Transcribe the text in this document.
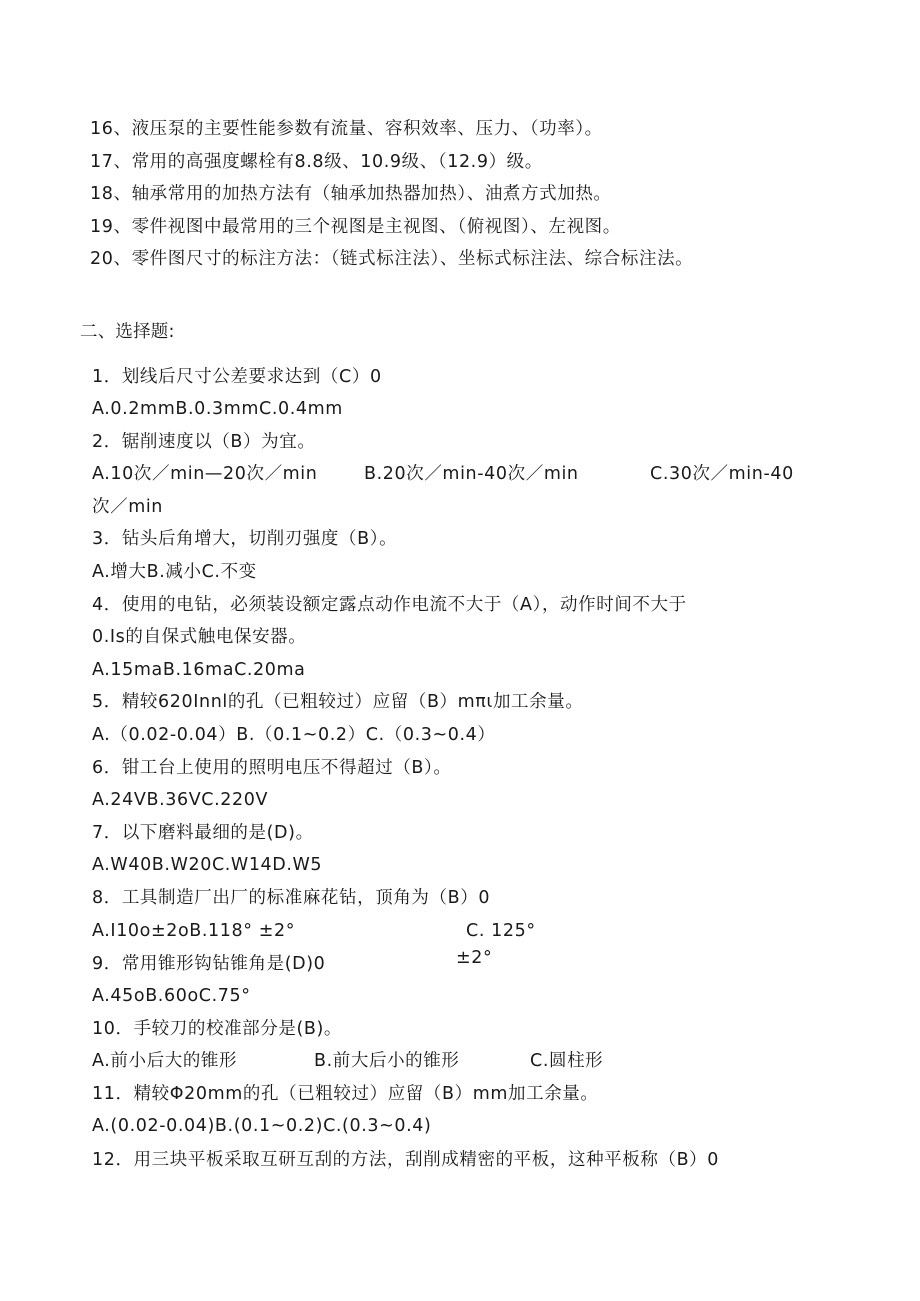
16、液压泵的主要性能参数有流量、容积效率、压力、（功率）。
17、常用的高强度螺栓有8.8级、10.9级、（12.9）级。
18、轴承常用的加热方法有（轴承加热器加热）、油煮方式加热。
19、零件视图中最常用的三个视图是主视图、（俯视图）、左视图。
20、零件图尺寸的标注方法：（链式标注法）、坐标式标注法、综合标注法。
二、选择题:
1．划线后尺寸公差要求达到（C）0
A.0.2mmB.0.3mmC.0.4mm
2．锯削速度以（B）为宜。
A.10次／min—20次／min	B.20次／min-40次／min	C.30次／min-40
次／min
3．钻头后角增大，切削刃强度（B）。
A.增大B.减小C.不变
4．使用的电钻，必须装设额定露点动作电流不大于（A），动作时间不大于
0.Is的自保式触电保安器。
A.15maB.16maC.20ma
5．精较620Innl的孔（已粗较过）应留（B）mπι加工余量。
A.（0.02-0.04）B.（0.1~0.2）C.（0.3~0.4）
6．钳工台上使用的照明电压不得超过（B）。
A.24VB.36VC.220V
7．以下磨料最细的是(D)。
A.W40B.W20C.W14D.W5
8．工具制造厂出厂的标准麻花钻，顶角为（B）0
A.I10o±2oB.118° ±2°	C. 125°
±2°
9．常用锥形钩钻锥角是(D)0
A.45oB.60oC.75°
10．手较刀的校准部分是(B)。
A.前小后大的锥形	B.前大后小的锥形	C.圆柱形
11．精较Φ20mm的孔（已粗较过）应留（B）mm加工余量。
A.(0.02-0.04)B.(0.1~0.2)C.(0.3~0.4)
12．用三块平板采取互研互刮的方法，刮削成精密的平板，这种平板称（B）0
